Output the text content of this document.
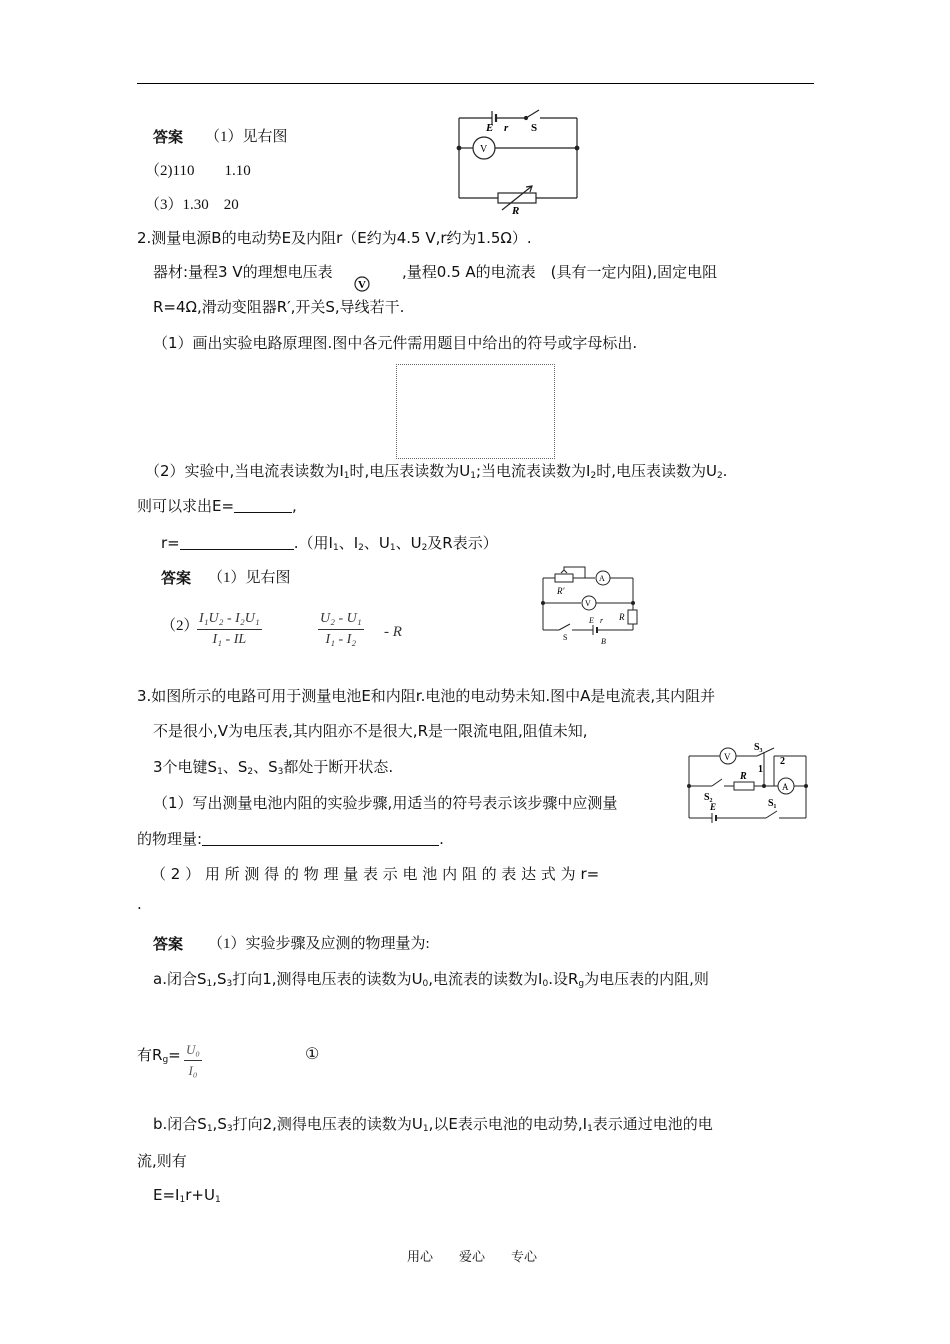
答案 （1）见右图
（2)110　　1.10
（3）1.30　20
E r S
V
R
2.测量电源B的电动势E及内阻r（E约为4.5 V,r约为1.5Ω）.
器材:量程3 V的理想电压表
V
,量程0.5 A的电流表　(具有一定内阻),固定电阻
R=4Ω,滑动变阻器R′,开关S,导线若干.
（1）画出实验电路原理图.图中各元件需用题目中给出的符号或字母标出.
（2）实验中,当电流表读数为$I_1$时,电压表读数为$U_1$;当电流表读数为$I_2$时,电压表读数为$U_2$.
则可以求出E=	,
r=	.（用$I_1$、$I_2$、$U_1$、$U_2$及R表示）
答案 （1）见右图
（2）
$\frac{\text{I₁U₂ - I₂U₁}}{\text{I₁ - IL}}$	$\frac{\text{U₂ - U₁}}{\text{I₁ - I₂}}$ - R
R′
A
V
R
S
E r
B
3.如图所示的电路可用于测量电池E和内阻r.电池的电动势未知.图中A是电流表,其内阻并
不是很小,V为电压表,其内阻亦不是很大,R是一限流电阻,阻值未知,
3个电键$S_1$、$S_2$、$S_3$都处于断开状态.
（1）写出测量电池内阻的实验步骤,用适当的符号表示该步骤中应测量
的物理量:	.
（ 2 ） 用 所 测 得 的 物 理 量 表 示 电 池 内 阻 的 表 达 式 为 r=
.
V
S₃
1
2
R
A
S₂
S₁
E
答案 （1）实验步骤及应测的物理量为:
a.闭合$S_1,S_3$打向1,测得电压表的读数为$U_0$,电流表的读数为$I_0$.设$R_g$为电压表的内阻,则
有$R_g= \frac{\text{U₀}}{\text{I₀}}$	①
b.闭合$S_1,S_3$打向2,测得电压表的读数为$U_1$,以E表示电池的电动势$,I_1$表示通过电池的电
流,则有
$E=I_1r+U_1$
用心　　爱心　　专心
